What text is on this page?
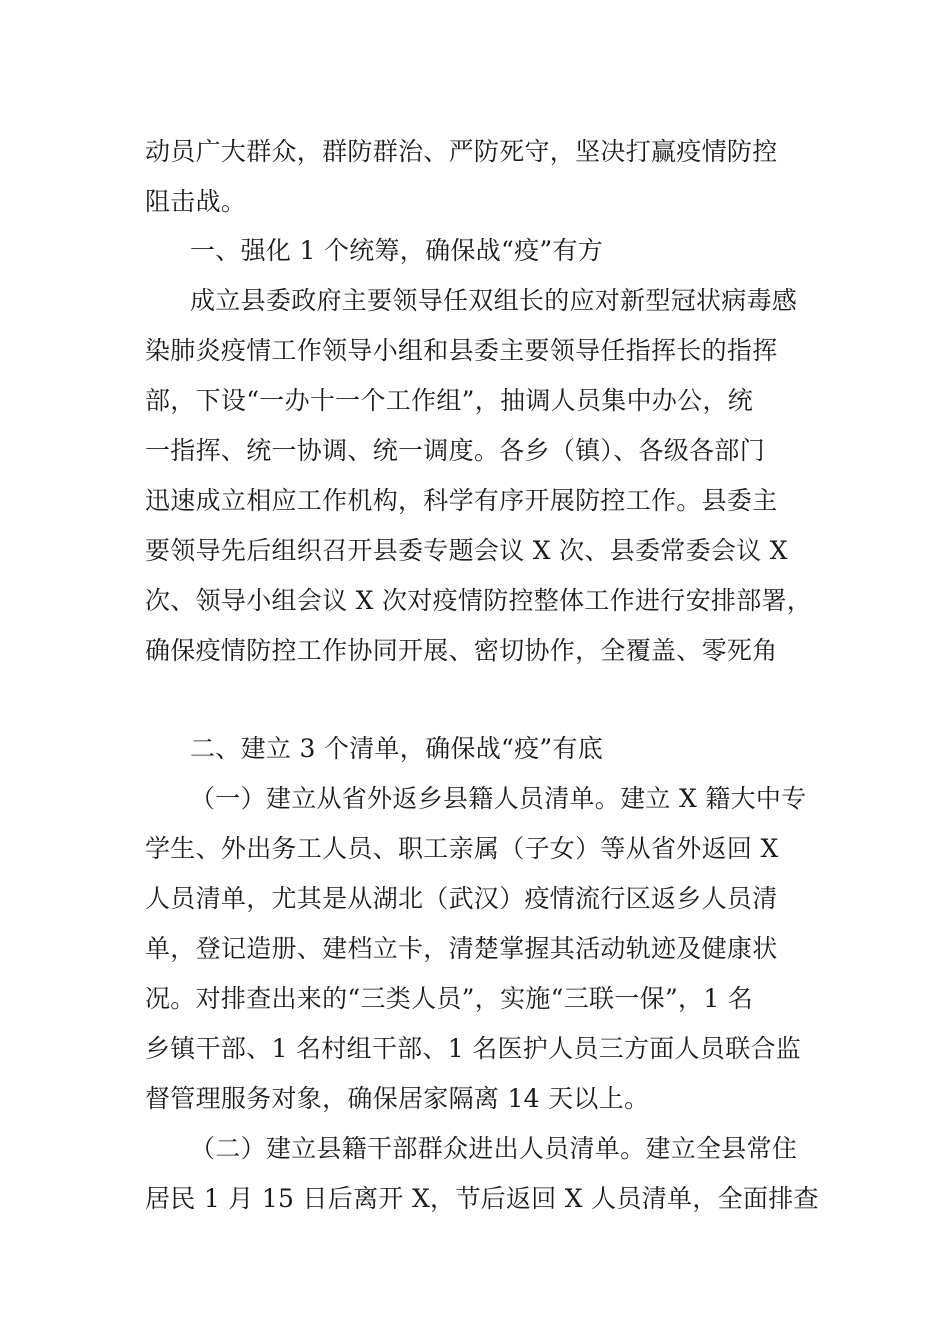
动员广大群众，群防群治、严防死守，坚决打赢疫情防控
阻击战。
一、强化 1 个统筹，确保战“疫”有方
成立县委政府主要领导任双组长的应对新型冠状病毒感
染肺炎疫情工作领导小组和县委主要领导任指挥长的指挥
部，下设“一办十一个工作组”，抽调人员集中办公，统
一指挥、统一协调、统一调度。各乡（镇）、各级各部门
迅速成立相应工作机构，科学有序开展防控工作。县委主
要领导先后组织召开县委专题会议 X 次、县委常委会议 X
次、领导小组会议 X 次对疫情防控整体工作进行安排部署，
确保疫情防控工作协同开展、密切协作，全覆盖、零死角
二、建立 3 个清单，确保战“疫”有底
（一）建立从省外返乡县籍人员清单。建立 X 籍大中专
学生、外出务工人员、职工亲属（子女）等从省外返回 X
人员清单，尤其是从湖北（武汉）疫情流行区返乡人员清
单，登记造册、建档立卡，清楚掌握其活动轨迹及健康状
况。对排查出来的“三类人员”，实施“三联一保”，1 名
乡镇干部、1 名村组干部、1 名医护人员三方面人员联合监
督管理服务对象，确保居家隔离 14 天以上。
（二）建立县籍干部群众进出人员清单。建立全县常住
居民 1 月 15 日后离开 X，节后返回 X 人员清单，全面排查
